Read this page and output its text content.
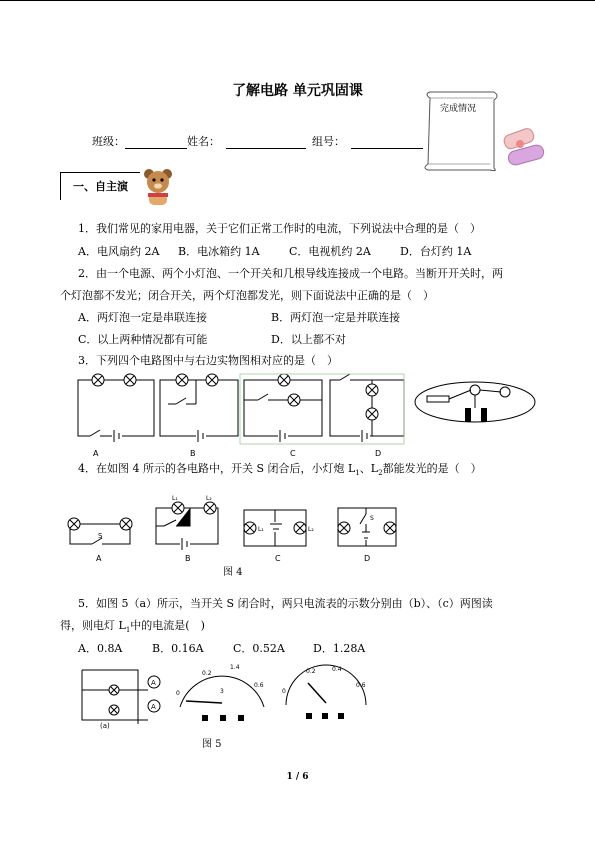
了解电路 单元巩固课
完成情况
班级：	姓名：	组号：
一、自主演
1．我们常见的家用电器，关于它们正常工作时的电流，下列说法中合理的是（　）
A．电风扇约 2A B．电冰箱约 1A	C．电视机约 2A	D．台灯约 1A
2．由一个电源、两个小灯泡、一个开关和几根导线连接成一个电路。当断开开关时，两
个灯泡都不发光；闭合开关，两个灯泡都发光，则下面说法中正确的是（　）
A．两灯泡一定是串联连接	B．两灯泡一定是并联连接
C．以上两种情况都有可能	D．以上都不对
3．下列四个电路图中与右边实物图相对应的是（　）
A	B	C	D
4．在如图 4 所示的各电路中，开关 S 闭合后，小灯炮 $L_1$、$L_2$都能发光的是（　）
S
L₁	L₂
L₁	L₂
S
A	B	C	D
图 4
5．如图 5（a）所示，当开关 S 闭合时，两只电流表的示数分别由（b）、（c）两图读
得，则电灯 $L_1$中的电流是(　)
A．0.8A	B．0.16A	C．0.52A	D．1.28A
A
A
(a)
0
0.2
1.4
0.6
3	0
0.2	0.4
0.6
图 5
1 / 6
